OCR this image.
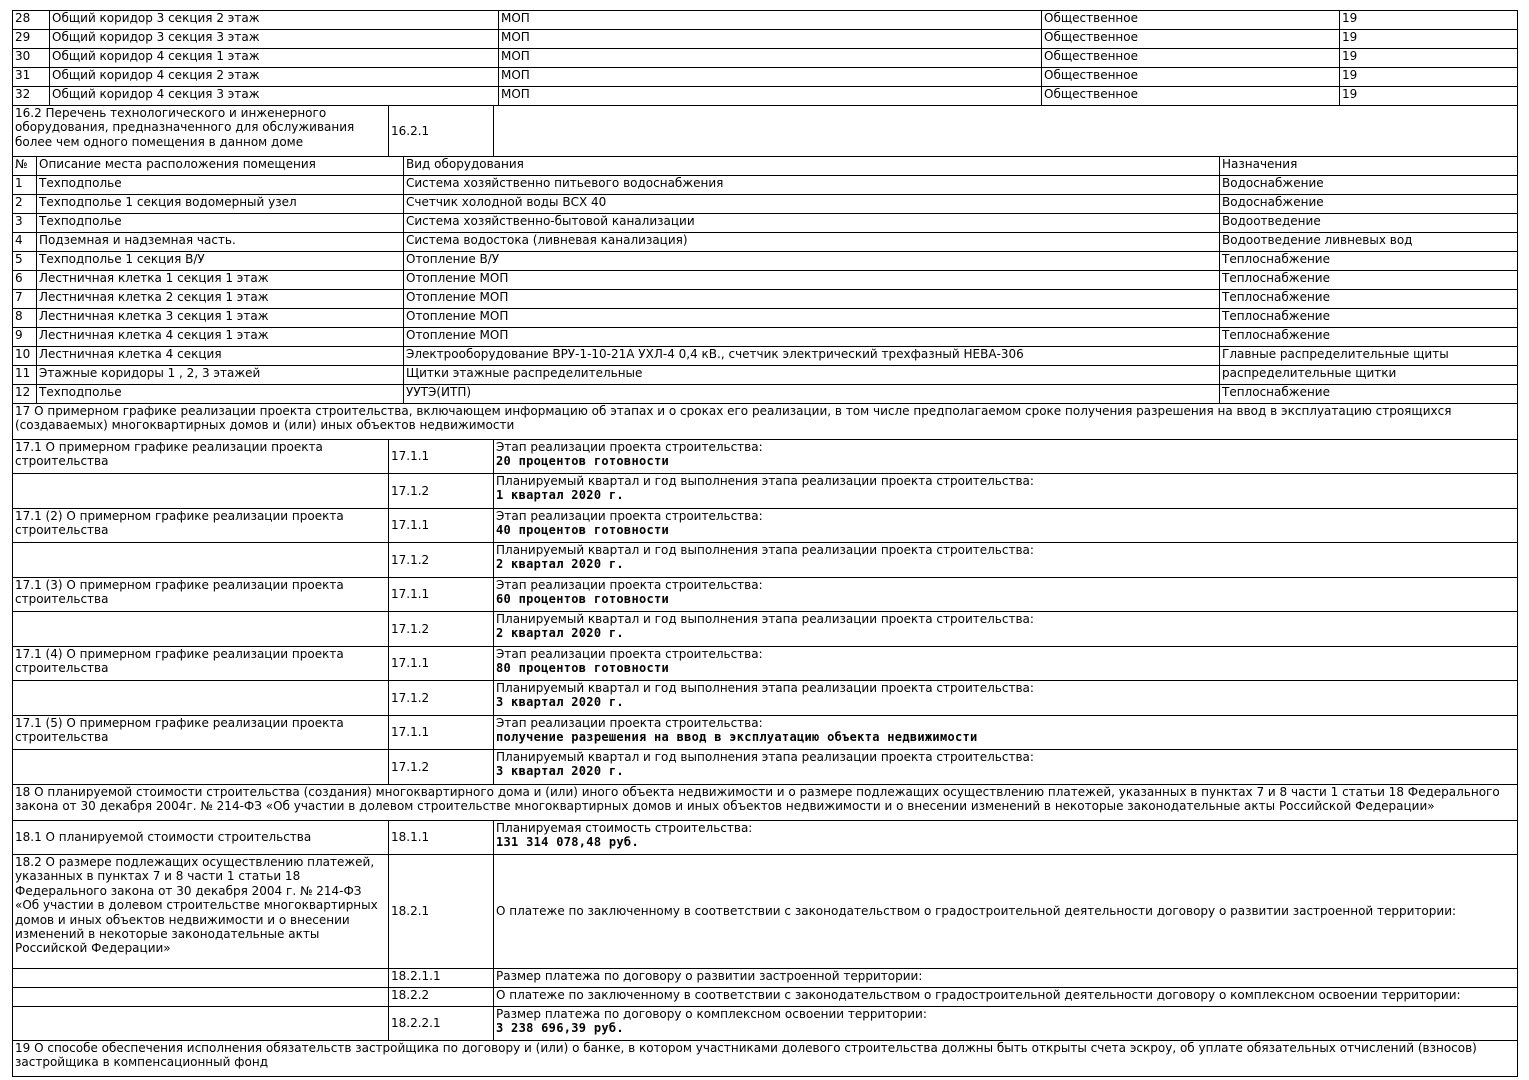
28	Общий коридор 3 секция 2 этаж	МОП	Общественное	19
29	Общий коридор 3 секция 3 этаж	МОП	Общественное	19
30	Общий коридор 4 секция 1 этаж	МОП	Общественное	19
31	Общий коридор 4 секция 2 этаж	МОП	Общественное	19
32	Общий коридор 4 секция 3 этаж	МОП	Общественное	19
16.2 Перечень технологического и инженерного оборудования, предназначенного для обслуживания более чем одного помещения в данном доме	16.2.1	
№	Описание места расположения помещения	Вид оборудования	Назначения
1	Техподполье	Система хозяйственно питьевого водоснабжения	Водоснабжение
2	Техподполье 1 секция водомерный узел	Счетчик холодной воды ВСХ 40	Водоснабжение
3	Техподполье	Система хозяйственно-бытовой канализации	Водоотведение
4	Подземная и надземная часть.	Система водостока (ливневая канализация)	Водоотведение ливневых вод
5	Техподполье 1 секция В/У	Отопление В/У	Теплоснабжение
6	Лестничная клетка 1 секция 1 этаж	Отопление МОП	Теплоснабжение
7	Лестничная клетка 2 секция 1 этаж	Отопление МОП	Теплоснабжение
8	Лестничная клетка 3 секция 1 этаж	Отопление МОП	Теплоснабжение
9	Лестничная клетка 4 секция 1 этаж	Отопление МОП	Теплоснабжение
10	Лестничная клетка 4 секция	Электрооборудование ВРУ-1-10-21А УХЛ-4 0,4 кВ., счетчик электрический трехфазный НЕВА-306	Главные распределительные щиты
11	Этажные коридоры 1 , 2, 3 этажей	Щитки этажные распределительные	распределительные щитки
12	Техподполье	УУТЭ(ИТП)	Теплоснабжение
17 О примерном графике реализации проекта строительства, включающем информацию об этапах и о сроках его реализации, в том числе предполагаемом сроке получения разрешения на ввод в эксплуатацию строящихся (создаваемых) многоквартирных домов и (или) иных объектов недвижимости		
17.1 О примерном графике реализации проекта строительства	17.1.1	Этап реализации проекта строительства:
20 процентов готовности

	17.1.2	Планируемый квартал и год выполнения этапа реализации проекта строительства:
1 квартал 2020 г.

17.1 (2) О примерном графике реализации проекта строительства	17.1.1	Этап реализации проекта строительства:
40 процентов готовности

	17.1.2	Планируемый квартал и год выполнения этапа реализации проекта строительства:
2 квартал 2020 г.

17.1 (3) О примерном графике реализации проекта строительства	17.1.1	Этап реализации проекта строительства:
60 процентов готовности

	17.1.2	Планируемый квартал и год выполнения этапа реализации проекта строительства:
2 квартал 2020 г.

17.1 (4) О примерном графике реализации проекта строительства	17.1.1	Этап реализации проекта строительства:
80 процентов готовности

	17.1.2	Планируемый квартал и год выполнения этапа реализации проекта строительства:
3 квартал 2020 г.

17.1 (5) О примерном графике реализации проекта строительства	17.1.1	Этап реализации проекта строительства:
получение разрешения на ввод в эксплуатацию объекта недвижимости

	17.1.2	Планируемый квартал и год выполнения этапа реализации проекта строительства:
3 квартал 2020 г.

18 О планируемой стоимости строительства (создания) многоквартирного дома и (или) иного объекта недвижимости и о размере подлежащих осуществлению платежей, указанных в пунктах 7 и 8 части 1 статьи 18 Федерального закона от 30 декабря 2004г. № 214-ФЗ «Об участии в долевом строительстве многоквартирных домов и иных объектов недвижимости и о внесении изменений в некоторые законодательные акты Российской Федерации»		
18.1 О планируемой стоимости строительства	18.1.1	Планируемая стоимость строительства:
131 314 078,48 руб.

18.2 О размере подлежащих осуществлению платежей, указанных в пунктах 7 и 8 части 1 статьи 18 Федерального закона от 30 декабря 2004 г. № 214-ФЗ «Об участии в долевом строительстве многоквартирных домов и иных объектов недвижимости и о внесении изменений в некоторые законодательные акты Российской Федерации»	18.2.1	О платеже по заключенному в соответствии с законодательством о градостроительной деятельности договору о развитии застроенной территории:
	18.2.1.1	Размер платежа по договору о развитии застроенной территории:
	18.2.2	О платеже по заключенному в соответствии с законодательством о градостроительной деятельности договору о комплексном освоении территории:
	18.2.2.1	Размер платежа по договору о комплексном освоении территории:
3 238 696,39 руб.

19 О способе обеспечения исполнения обязательств застройщика по договору и (или) о банке, в котором участниками долевого строительства должны быть открыты счета эскроу, об уплате обязательных отчислений (взносов) застройщика в компенсационный фонд		
